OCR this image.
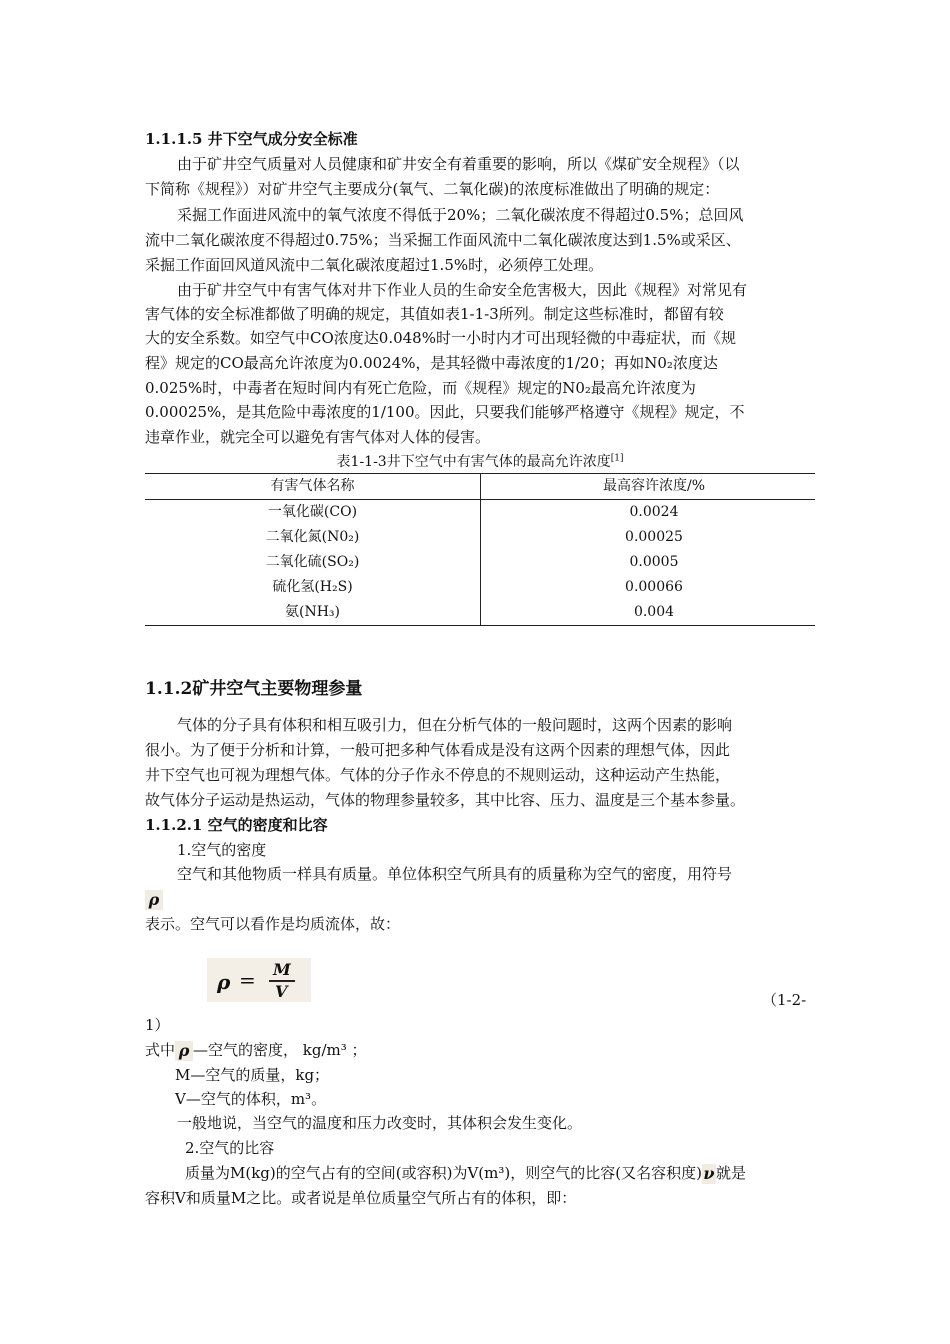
1.1.1.5 井下空气成分安全标准
由于矿井空气质量对人员健康和矿井安全有着重要的影响，所以《煤矿安全规程》（以
下简称《规程》）对矿井空气主要成分(氧气、二氧化碳)的浓度标准做出了明确的规定：
采掘工作面进风流中的氧气浓度不得低于20%；二氧化碳浓度不得超过0.5%；总回风
流中二氧化碳浓度不得超过0.75%；当采掘工作面风流中二氧化碳浓度达到1.5%或采区、
采掘工作面回风道风流中二氧化碳浓度超过1.5%时，必须停工处理。
由于矿井空气中有害气体对井下作业人员的生命安全危害极大，因此《规程》对常见有
害气体的安全标准都做了明确的规定，其值如表1-1-3所列。制定这些标准时，都留有较
大的安全系数。如空气中CO浓度达0.048%时一小时内才可出现轻微的中毒症状，而《规
程》规定的CO最高允许浓度为0.0024%，是其轻微中毒浓度的1/20；再如N0₂浓度达
0.025%时，中毒者在短时间内有死亡危险，而《规程》规定的N0₂最高允许浓度为
0.00025%，是其危险中毒浓度的1/100。因此，只要我们能够严格遵守《规程》规定，不
违章作业，就完全可以避免有害气体对人体的侵害。
表1-1-3井下空气中有害气体的最高允许浓度[1]
有害气体名称	最高容许浓度/%
一氧化碳(CO)	0.0024
二氧化氮(N0₂)	0.00025
二氧化硫(SO₂)	0.0005
硫化氢(H₂S)	0.00066
氨(NH₃)	0.004
1.1.2矿井空气主要物理参量
气体的分子具有体积和相互吸引力，但在分析气体的一般问题时，这两个因素的影响
很小。为了便于分析和计算，一般可把多种气体看成是没有这两个因素的理想气体，因此
井下空气也可视为理想气体。气体的分子作永不停息的不规则运动，这种运动产生热能，
故气体分子运动是热运动，气体的物理参量较多，其中比容、压力、温度是三个基本参量。
1.1.2.1 空气的密度和比容
1.空气的密度
空气和其他物质一样具有质量。单位体积空气所具有的质量称为空气的密度，用符号
ρ
表示。空气可以看作是均质流体，故：
ρ = M
V	（1-2-
1）
式中 ρ —空气的密度， kg/m³ ；
M—空气的质量，kg；
V—空气的体积，m³。
一般地说，当空气的温度和压力改变时，其体积会发生变化。
2.空气的比容
质量为M(kg)的空气占有的空间(或容积)为V(m³)，则空气的比容(又名容积度)ν就是
容积V和质量M之比。或者说是单位质量空气所占有的体积，即：
